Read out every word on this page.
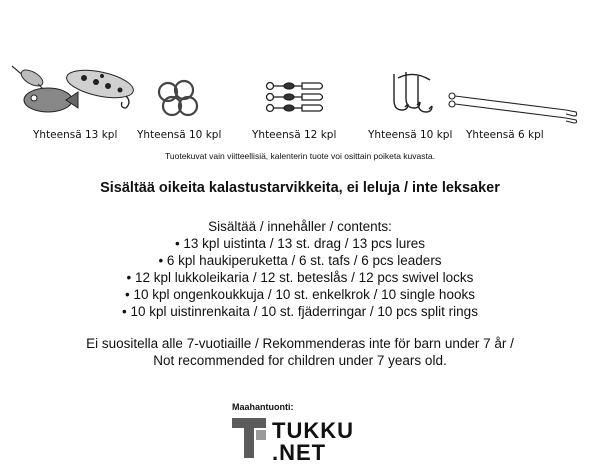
Yhteensä 13 kpl Yhteensä 10 kpl	Yhteensä 12 kpl	Yhteensä 10 kpl Yhteensä 6 kpl
Tuotekuvat vain viitteellisiä, kalenterin tuote voi osittain poiketa kuvasta.
Sisältää oikeita kalastustarvikkeita, ei leluja / inte leksaker
Sisältää / innehåller / contents:
• 13 kpl uistinta / 13 st. drag / 13 pcs lures
• 6 kpl haukiperuketta / 6 st. tafs / 6 pcs leaders
• 12 kpl lukkoleikaria / 12 st. beteslås / 12 pcs swivel locks
• 10 kpl ongenkoukkuja / 10 st. enkelkrok / 10 single hooks
• 10 kpl uistinrenkaita / 10 st. fjäderringar / 10 pcs split rings
Ei suositella alle 7-vuotiaille / Rekommenderas inte för barn under 7 år /
Not recommended for children under 7 years old.
Maahantuonti:
TUKKU
.NET
